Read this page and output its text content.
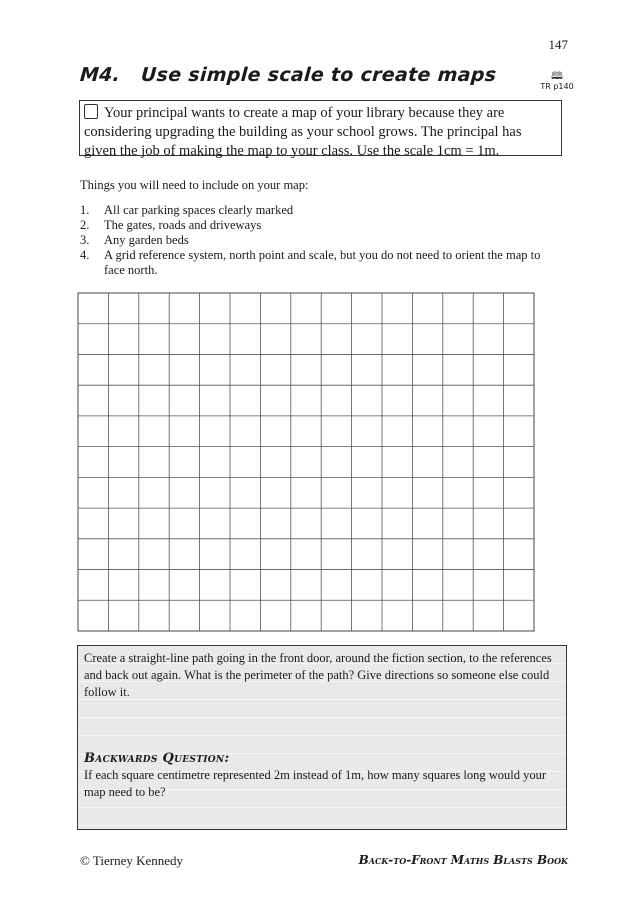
147
M4.   Use simple scale to create maps	🕮︎
TR p140
Your principal wants to create a map of your library because they are considering upgrading the building as your school grows. The principal has given the job of making the map to your class. Use the scale 1cm = 1m.
Things you will need to include on your map:
1. All car parking spaces clearly marked
2. The gates, roads and driveways
3. Any garden beds
4. A grid reference system, north point and scale, but you do not need to orient the map to face north.

Create a straight-line path going in the front door, around the fiction section, to the references and back out again. What is the perimeter of the path? Give directions so someone else could follow it.

Backwards Question:

If each square centimetre represented 2m instead of 1m, how many squares long would your map need to be?

© Tierney Kennedy	Back-to-Front Maths Blasts Book
